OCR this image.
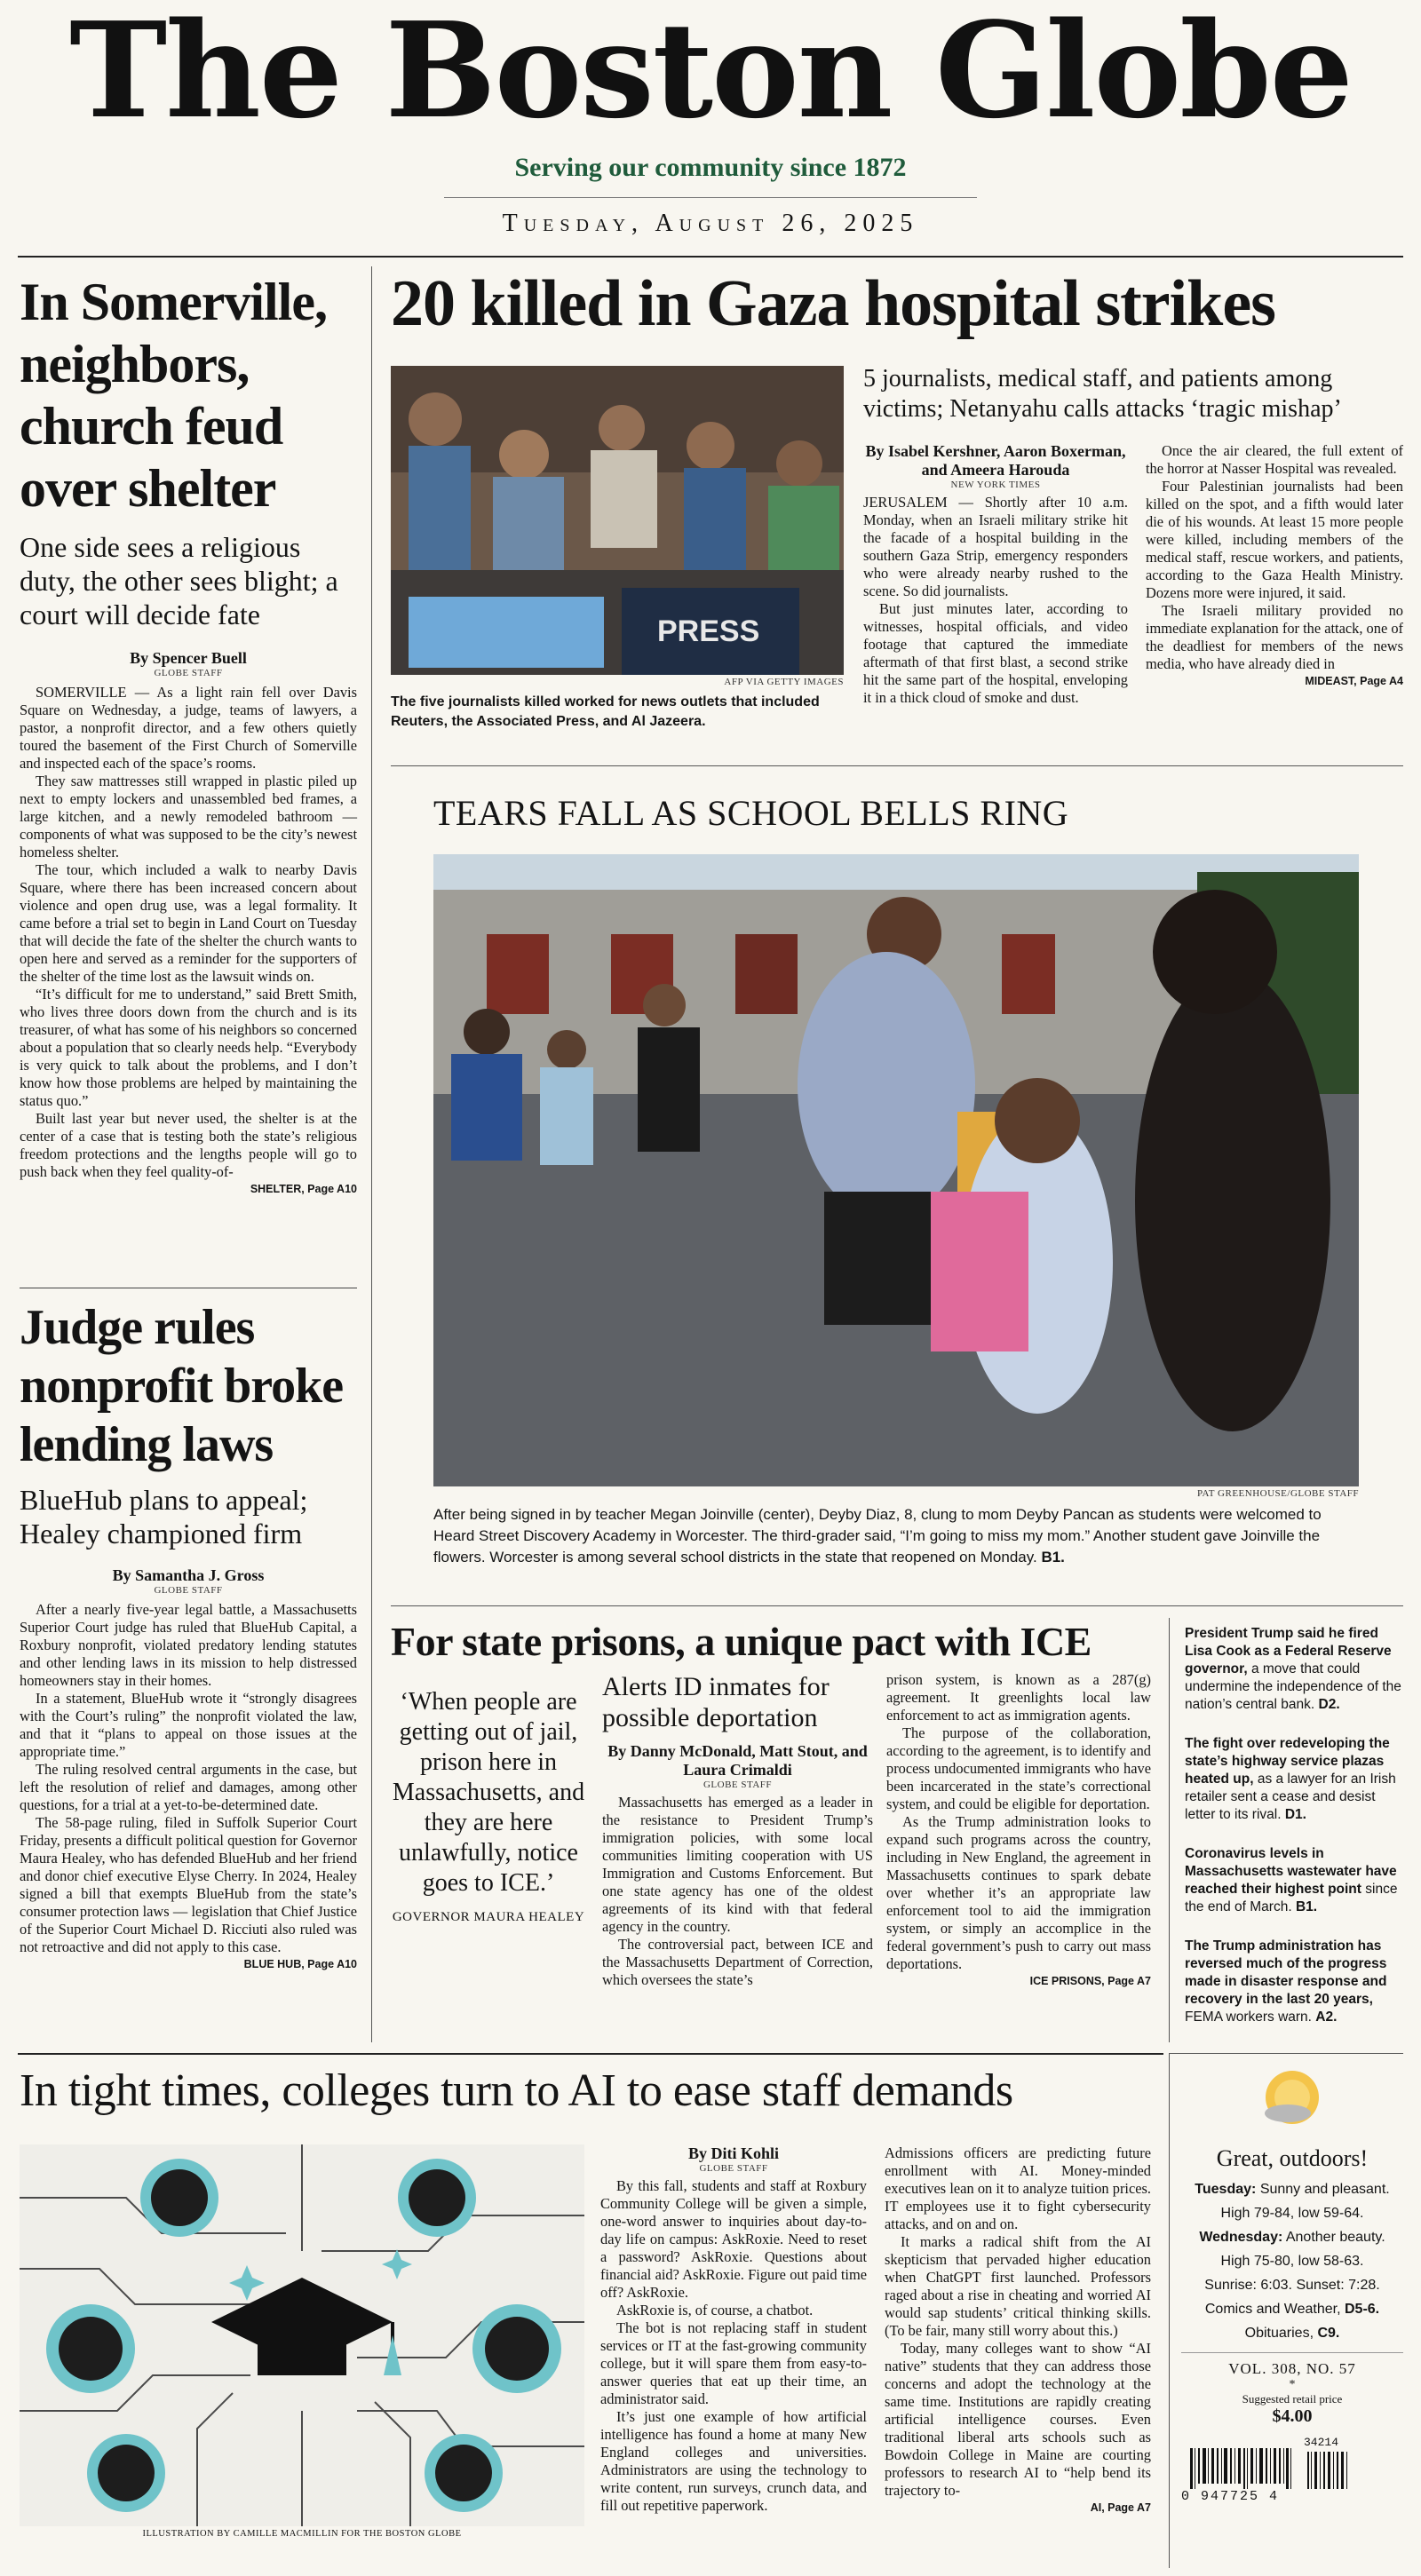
The Boston Globe
Serving our community since 1872
Tuesday, August 26, 2025
In Somerville, neighbors, church feud over shelter
One side sees a religious duty, the other sees blight; a court will decide fate
By Spencer Buell
GLOBE STAFF

SOMERVILLE — As a light rain fell over Davis Square on Wednesday, a judge, teams of lawyers, a pastor, a nonprofit director, and a few others quietly toured the basement of the First Church of Somerville and inspected each of the space’s rooms.

They saw mattresses still wrapped in plastic piled up next to empty lockers and unassembled bed frames, a large kitchen, and a newly remodeled bathroom — components of what was supposed to be the city’s newest homeless shelter.

The tour, which included a walk to nearby Davis Square, where there has been increased concern about violence and open drug use, was a legal formality. It came before a trial set to begin in Land Court on Tuesday that will decide the fate of the shelter the church wants to open here and served as a reminder for the supporters of the shelter of the time lost as the lawsuit winds on.

“It’s difficult for me to understand,” said Brett Smith, who lives three doors down from the church and is its treasurer, of what has some of his neighbors so concerned about a population that so clearly needs help. “Everybody is very quick to talk about the problems, and I don’t know how those problems are helped by maintaining the status quo.”

Built last year but never used, the shelter is at the center of a case that is testing both the state’s religious freedom protections and the lengths people will go to push back when they feel quality-of-

SHELTER, Page A10
Judge rules nonprofit broke lending laws
BlueHub plans to appeal; Healey championed firm
By Samantha J. Gross
GLOBE STAFF

After a nearly five-year legal battle, a Massachusetts Superior Court judge has ruled that BlueHub Capital, a Roxbury nonprofit, violated predatory lending statutes and other lending laws in its mission to help distressed homeowners stay in their homes.

In a statement, BlueHub wrote it “strongly disagrees with the Court’s ruling” the nonprofit violated the law, and that it “plans to appeal on those issues at the appropriate time.”

The ruling resolved central arguments in the case, but left the resolution of relief and damages, among other questions, for a trial at a yet-to-be-determined date.

The 58-page ruling, filed in Suffolk Superior Court Friday, presents a difficult political question for Governor Maura Healey, who has defended BlueHub and her friend and donor chief executive Elyse Cherry. In 2024, Healey signed a bill that exempts BlueHub from the state’s consumer protection laws — legislation that Chief Justice of the Superior Court Michael D. Ricciuti also ruled was not retroactive and did not apply to this case.

BLUE HUB, Page A10
20 killed in Gaza hospital strikes
PRESS
AFP VIA GETTY IMAGES
The five journalists killed worked for news outlets that included Reuters, the Associated Press, and Al Jazeera.
5 journalists, medical staff, and patients among victims; Netanyahu calls attacks ‘tragic mishap’
By Isabel Kershner, Aaron Boxerman, and Ameera Harouda
NEW YORK TIMES

JERUSALEM — Shortly after 10 a.m. Monday, when an Israeli military strike hit the facade of a hospital building in the southern Gaza Strip, emergency responders who were already nearby rushed to the scene. So did journalists.

But just minutes later, according to witnesses, hospital officials, and video footage that captured the immediate aftermath of that first blast, a second strike hit the same part of the hospital, enveloping it in a thick cloud of smoke and dust.

Once the air cleared, the full extent of the horror at Nasser Hospital was revealed.

Four Palestinian journalists had been killed on the spot, and a fifth would later die of his wounds. At least 15 more people were killed, including members of the medical staff, rescue workers, and patients, according to the Gaza Health Ministry. Dozens more were injured, it said.

The Israeli military provided no immediate explanation for the attack, one of the deadliest for members of the news media, who have already died in

MIDEAST, Page A4
TEARS FALL AS SCHOOL BELLS RING
PAT GREENHOUSE/GLOBE STAFF
After being signed in by teacher Megan Joinville (center), Deyby Diaz, 8, clung to mom Deyby Pancan as students were welcomed to Heard Street Discovery Academy in Worcester. The third-grader said, “I’m going to miss my mom.” Another student gave Joinville the flowers. Worcester is among several school districts in the state that reopened on Monday. B1.
For state prisons, a unique pact with ICE
‘When people are getting out of jail, prison here in Massachusetts, and they are here unlawfully, notice goes to ICE.’
GOVERNOR MAURA HEALEY
Alerts ID inmates for possible deportation
By Danny McDonald, Matt Stout, and Laura Crimaldi
GLOBE STAFF

Massachusetts has emerged as a leader in the resistance to President Trump’s immigration policies, with some local communities limiting cooperation with US Immigration and Customs Enforcement. But one state agency has one of the oldest agreements of its kind with that federal agency in the country.

The controversial pact, between ICE and the Massachusetts Department of Correction, which oversees the state’s

prison system, is known as a 287(g) agreement. It greenlights local law enforcement to act as immigration agents.

The purpose of the collaboration, according to the agreement, is to identify and process undocumented immigrants who have been incarcerated in the state’s correctional system, and could be eligible for deportation.

As the Trump administration looks to expand such programs across the country, including in New England, the agreement in Massachusetts continues to spark debate over whether it’s an appropriate law enforcement tool to aid the immigration system, or simply an accomplice in the federal government’s push to carry out mass deportations.

ICE PRISONS, Page A7
President Trump said he fired Lisa Cook as a Federal Reserve governor, a move that could undermine the independence of the nation’s central bank. D2.
The fight over redeveloping the state’s highway service plazas heated up, as a lawyer for an Irish retailer sent a cease and desist letter to its rival. D1.
Coronavirus levels in Massachusetts wastewater have reached their highest point since the end of March. B1.
The Trump administration has reversed much of the progress made in disaster response and recovery in the last 20 years, FEMA workers warn. A2.
In tight times, colleges turn to AI to ease staff demands
ILLUSTRATION BY CAMILLE MACMILLIN FOR THE BOSTON GLOBE
By Diti Kohli
GLOBE STAFF

By this fall, students and staff at Roxbury Community College will be given a simple, one-word answer to inquiries about day-to-day life on campus: AskRoxie. Need to reset a password? AskRoxie. Questions about financial aid? AskRoxie. Figure out paid time off? AskRoxie.

AskRoxie is, of course, a chatbot.

The bot is not replacing staff in student services or IT at the fast-growing community college, but it will spare them from easy-to-answer queries that eat up their time, an administrator said.

It’s just one example of how artificial intelligence has found a home at many New England colleges and universities. Administrators are using the technology to write content, run surveys, crunch data, and fill out repetitive paperwork.

Admissions officers are predicting future enrollment with AI. Money-minded executives lean on it to analyze tuition prices. IT employees use it to fight cybersecurity attacks, and on and on.

It marks a radical shift from the AI skepticism that pervaded higher education when ChatGPT first launched. Professors raged about a rise in cheating and worried AI would sap students’ critical thinking skills. (To be fair, many still worry about this.)

Today, many colleges want to show “AI native” students that they can address those concerns and adopt the technology at the same time. Institutions are rapidly creating artificial intelligence courses. Even traditional liberal arts schools such as Bowdoin College in Maine are courting professors to research AI to “help bend its trajectory to-

AI, Page A7
Great, outdoors!
Tuesday: Sunny and pleasant.
High 79-84, low 59-64.
Wednesday: Another beauty.
High 75-80, low 58-63.
Sunrise: 6:03. Sunset: 7:28.
Comics and Weather, D5-6.
Obituaries, C9.
VOL. 308, NO. 57
*
Suggested retail price
$4.00
34214
0 947725 4
